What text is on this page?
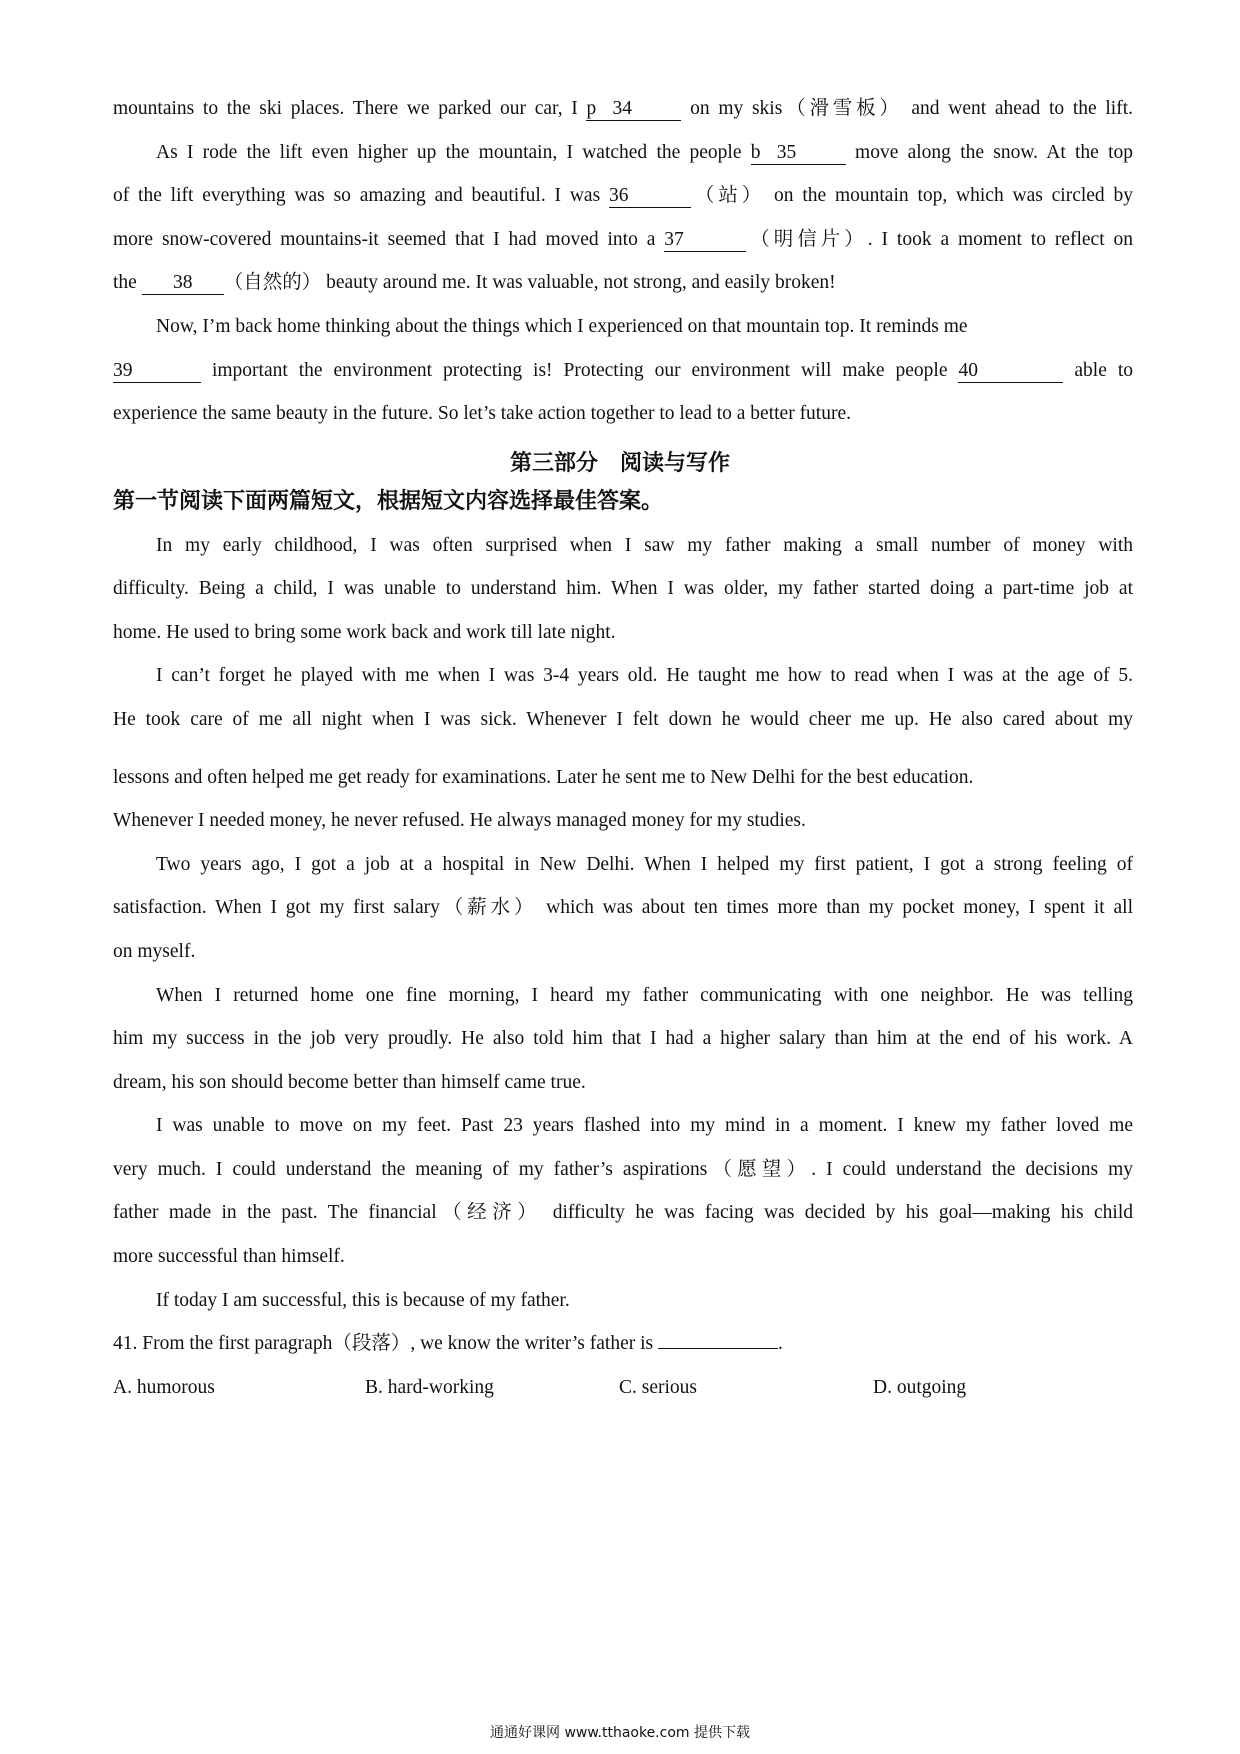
mountains to the ski places. There we parked our car, I p 34	on my skis（滑雪板） and went ahead to the lift.
As I rode the lift even higher up the mountain, I watched the people b 35	move along the snow. At the top
of the lift everything was so amazing and beautiful. I was 36	（站） on the mountain top, which was circled by
more snow-covered mountains-it seemed that I had moved into a 37	（明信片）. I took a moment to reflect on
the 38 （自然的） beauty around me. It was valuable, not strong, and easily broken!
Now, I’m back home thinking about the things which I experienced on that mountain top. It reminds me
39	important the environment protecting is! Protecting our environment will make people 40	able to
experience the same beauty in the future. So let’s take action together to lead to a better future.
第三部分　阅读与写作
第一节阅读下面两篇短文，根据短文内容选择最佳答案。
In my early childhood, I was often surprised when I saw my father making a small number of money with
difficulty. Being a child, I was unable to understand him. When I was older, my father started doing a part-time job at
home. He used to bring some work back and work till late night.
I can’t forget he played with me when I was 3-4 years old. He taught me how to read when I was at the age of 5.
He took care of me all night when I was sick. Whenever I felt down he would cheer me up. He also cared about my
lessons and often helped me get ready for examinations. Later he sent me to New Delhi for the best education.
Whenever I needed money, he never refused. He always managed money for my studies.
Two years ago, I got a job at a hospital in New Delhi. When I helped my first patient, I got a strong feeling of
satisfaction. When I got my first salary（薪水） which was about ten times more than my pocket money, I spent it all
on myself.
When I returned home one fine morning, I heard my father communicating with one neighbor. He was telling
him my success in the job very proudly. He also told him that I had a higher salary than him at the end of his work. A
dream, his son should become better than himself came true.
I was unable to move on my feet. Past 23 years flashed into my mind in a moment. I knew my father loved me
very much. I could understand the meaning of my father’s aspirations（愿望）. I could understand the decisions my
father made in the past. The financial（经济） difficulty he was facing was decided by his goal—making his child
more successful than himself.
If today I am successful, this is because of my father.
41. From the first paragraph（段落）, we know the writer’s father is	.
A. humorous	B. hard-working	C. serious	D. outgoing
通通好课网 www.tthaoke.com 提供下载
